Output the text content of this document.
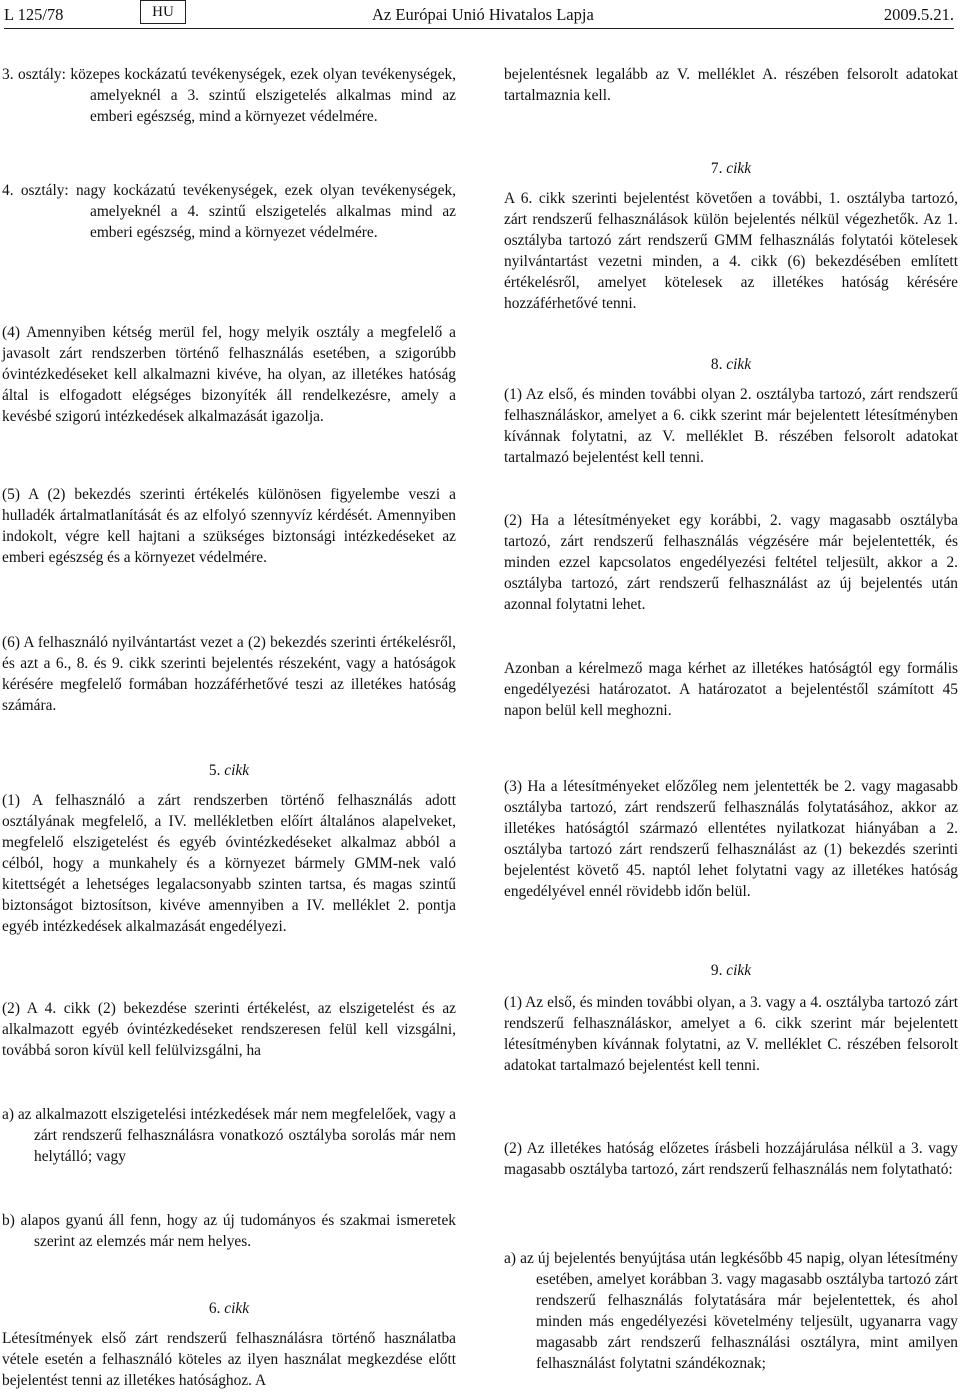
L 125/78	HU	Az Európai Unió Hivatalos Lapja	2009.5.21.

3. osztály: közepes kockázatú tevékenységek, ezek olyan tevékenységek, amelyeknél a 3. szintű elszigetelés alkalmas mind az emberi egészség, mind a környezet védelmére.

4. osztály: nagy kockázatú tevékenységek, ezek olyan tevékenységek, amelyeknél a 4. szintű elszigetelés alkalmas mind az emberi egészség, mind a környezet védelmére.

(4) Amennyiben kétség merül fel, hogy melyik osztály a megfelelő a javasolt zárt rendszerben történő felhasználás esetében, a szigorúbb óvintézkedéseket kell alkalmazni kivéve, ha olyan, az illetékes hatóság által is elfogadott elégséges bizonyíték áll rendelkezésre, amely a kevésbé szigorú intézkedések alkalmazását igazolja.

(5) A (2) bekezdés szerinti értékelés különösen figyelembe veszi a hulladék ártalmatlanítását és az elfolyó szennyvíz kérdését. Amennyiben indokolt, végre kell hajtani a szükséges biztonsági intézkedéseket az emberi egészség és a környezet védelmére.

(6) A felhasználó nyilvántartást vezet a (2) bekezdés szerinti értékelésről, és azt a 6., 8. és 9. cikk szerinti bejelentés részeként, vagy a hatóságok kérésére megfelelő formában hozzáférhetővé teszi az illetékes hatóság számára.

5. cikk

(1) A felhasználó a zárt rendszerben történő felhasználás adott osztályának megfelelő, a IV. mellékletben előírt általános alapelveket, megfelelő elszigetelést és egyéb óvintézkedéseket alkalmaz abból a célból, hogy a munkahely és a környezet bármely GMM-nek való kitettségét a lehetséges legalacsonyabb szinten tartsa, és magas szintű biztonságot biztosítson, kivéve amennyiben a IV. melléklet 2. pontja egyéb intézkedések alkalmazását engedélyezi.

(2) A 4. cikk (2) bekezdése szerinti értékelést, az elszigetelést és az alkalmazott egyéb óvintézkedéseket rendszeresen felül kell vizsgálni, továbbá soron kívül kell felülvizsgálni, ha

a) az alkalmazott elszigetelési intézkedések már nem megfelelőek, vagy a zárt rendszerű felhasználásra vonatkozó osztályba sorolás már nem helytálló; vagy

b) alapos gyanú áll fenn, hogy az új tudományos és szakmai ismeretek szerint az elemzés már nem helyes.

6. cikk

Létesítmények első zárt rendszerű felhasználásra történő használatba vétele esetén a felhasználó köteles az ilyen használat megkezdése előtt bejelentést tenni az illetékes hatósághoz. A

bejelentésnek legalább az V. melléklet A. részében felsorolt adatokat tartalmaznia kell.

7. cikk

A 6. cikk szerinti bejelentést követően a további, 1. osztályba tartozó, zárt rendszerű felhasználások külön bejelentés nélkül végezhetők. Az 1. osztályba tartozó zárt rendszerű GMM felhasználás folytatói kötelesek nyilvántartást vezetni minden, a 4. cikk (6) bekezdésében említett értékelésről, amelyet kötelesek az illetékes hatóság kérésére hozzáférhetővé tenni.

8. cikk

(1) Az első, és minden további olyan 2. osztályba tartozó, zárt rendszerű felhasználáskor, amelyet a 6. cikk szerint már bejelentett létesítményben kívánnak folytatni, az V. melléklet B. részében felsorolt adatokat tartalmazó bejelentést kell tenni.

(2) Ha a létesítményeket egy korábbi, 2. vagy magasabb osztályba tartozó, zárt rendszerű felhasználás végzésére már bejelentették, és minden ezzel kapcsolatos engedélyezési feltétel teljesült, akkor a 2. osztályba tartozó, zárt rendszerű felhasználást az új bejelentés után azonnal folytatni lehet.

Azonban a kérelmező maga kérhet az illetékes hatóságtól egy formális engedélyezési határozatot. A határozatot a bejelentéstől számított 45 napon belül kell meghozni.

(3) Ha a létesítményeket előzőleg nem jelentették be 2. vagy magasabb osztályba tartozó, zárt rendszerű felhasználás folytatásához, akkor az illetékes hatóságtól származó ellentétes nyilatkozat hiányában a 2. osztályba tartozó zárt rendszerű felhasználást az (1) bekezdés szerinti bejelentést követő 45. naptól lehet folytatni vagy az illetékes hatóság engedélyével ennél rövidebb időn belül.

9. cikk

(1) Az első, és minden további olyan, a 3. vagy a 4. osztályba tartozó zárt rendszerű felhasználáskor, amelyet a 6. cikk szerint már bejelentett létesítményben kívánnak folytatni, az V. melléklet C. részében felsorolt adatokat tartalmazó bejelentést kell tenni.

(2) Az illetékes hatóság előzetes írásbeli hozzájárulása nélkül a 3. vagy magasabb osztályba tartozó, zárt rendszerű felhasználás nem folytatható:

a) az új bejelentés benyújtása után legkésőbb 45 napig, olyan létesítmény esetében, amelyet korábban 3. vagy magasabb osztályba tartozó zárt rendszerű felhasználás folytatására már bejelentettek, és ahol minden más engedélyezési követelmény teljesült, ugyanarra vagy magasabb zárt rendszerű felhasználási osztályra, mint amilyen felhasználást folytatni szándékoznak;
